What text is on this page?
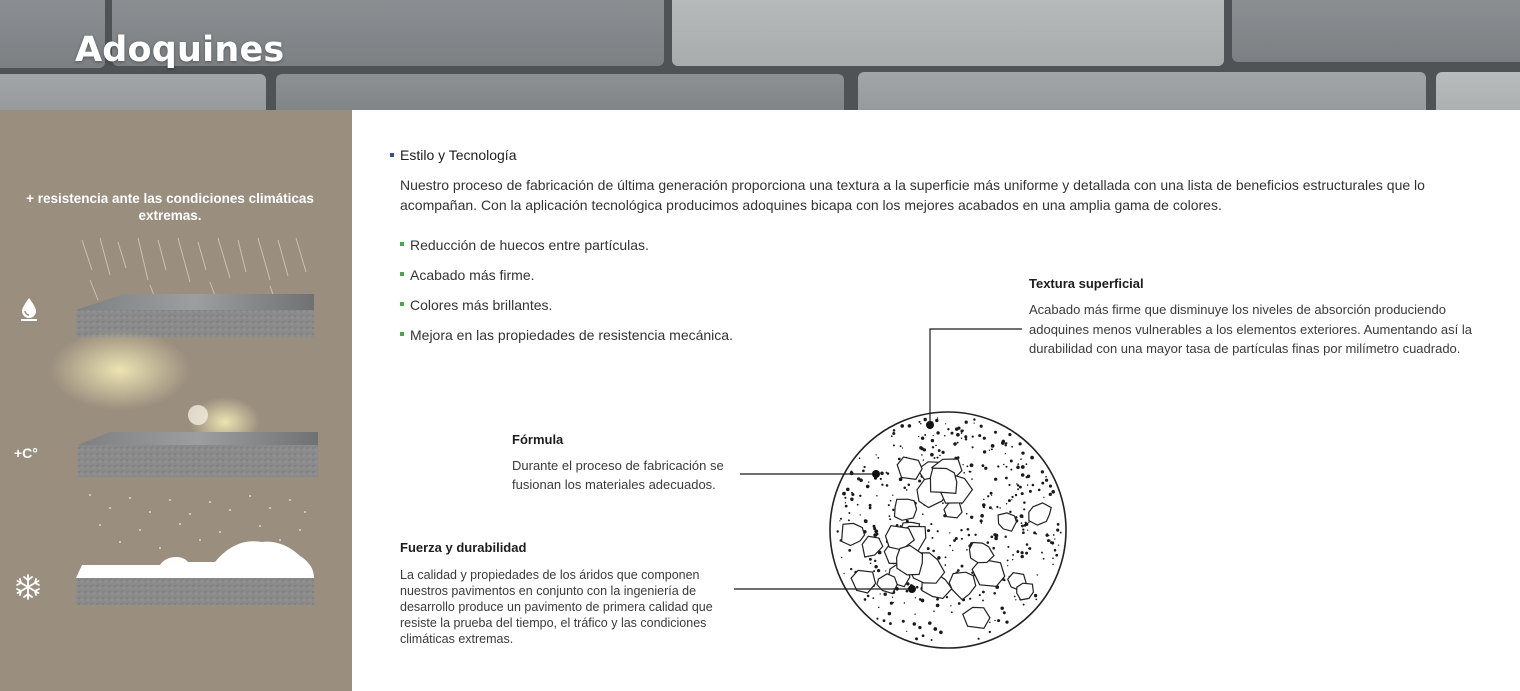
Adoquines
+ resistencia ante las condiciones climáticas extremas.
+C°
Estilo y Tecnología

Nuestro proceso de fabricación de última generación proporciona una textura a la superficie más uniforme y detallada con una lista de beneficios estructurales que lo acompañan. Con la aplicación tecnológica producimos adoquines bicapa con los mejores acabados en una amplia gama de colores.

Reducción de huecos entre partículas.
Acabado más firme.
Colores más brillantes.
Mejora en las propiedades de resistencia mecánica.
Textura superficial
Acabado más firme que disminuye los niveles de absorción produciendo adoquines menos vulnerables a los elementos exteriores. Aumentando así la durabilidad con una mayor tasa de partículas finas por milímetro cuadrado.
Fórmula
Durante el proceso de fabricación se fusionan los materiales adecuados.
Fuerza y durabilidad
La calidad y propiedades de los áridos que componen nuestros pavimentos en conjunto con la ingeniería de desarrollo produce un pavimento de primera calidad que resiste la prueba del tiempo, el tráfico y las condiciones climáticas extremas.
